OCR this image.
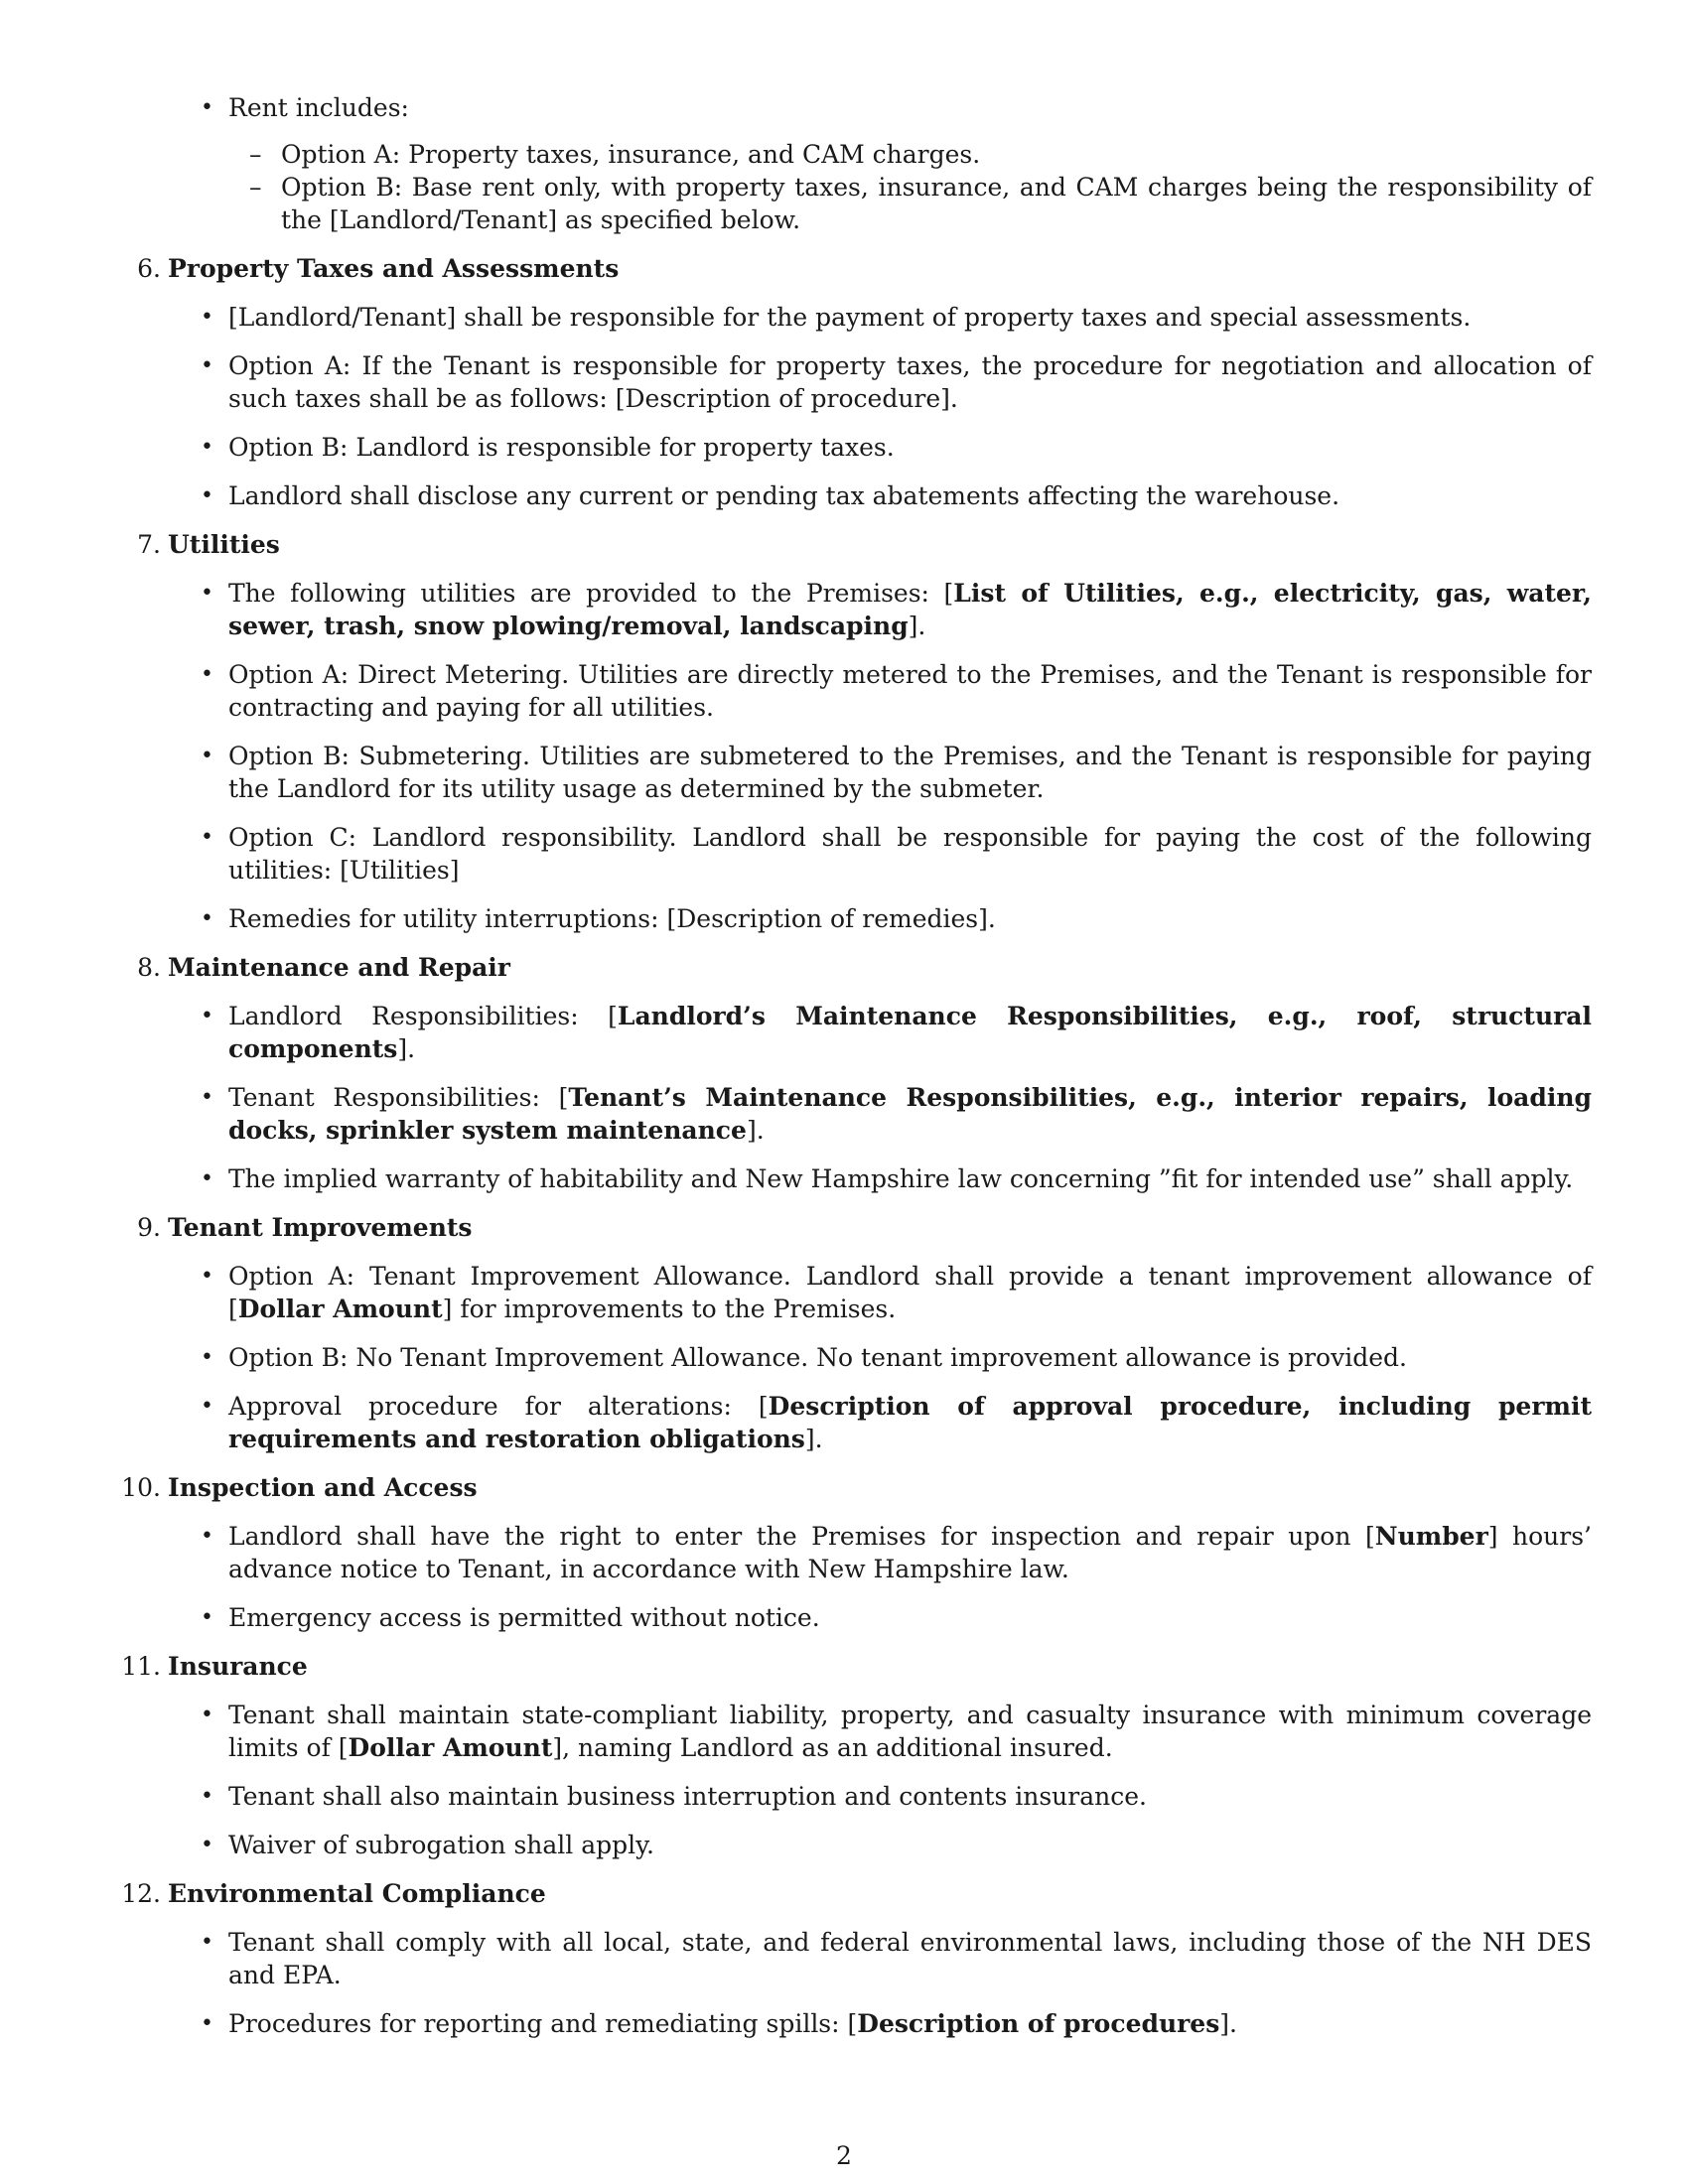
• Rent includes:
– Option A: Property taxes, insurance, and CAM charges.
– Option B: Base rent only, with property taxes, insurance, and CAM charges being the responsibility of the [Landlord/Tenant] as specified below.
6. Property Taxes and Assessments
• [Landlord/Tenant] shall be responsible for the payment of property taxes and special assessments.
• Option A: If the Tenant is responsible for property taxes, the procedure for negotiation and allocation of such taxes shall be as follows: [Description of procedure].
• Option B: Landlord is responsible for property taxes.
• Landlord shall disclose any current or pending tax abatements affecting the warehouse.
7. Utilities
• The following utilities are provided to the Premises: [List of Utilities, e.g., electricity, gas, water, sewer, trash, snow plowing/removal, landscaping].
• Option A: Direct Metering. Utilities are directly metered to the Premises, and the Tenant is responsible for contracting and paying for all utilities.
• Option B: Submetering. Utilities are submetered to the Premises, and the Tenant is responsible for paying the Landlord for its utility usage as determined by the submeter.
• Option C: Landlord responsibility. Landlord shall be responsible for paying the cost of the following utilities: [Utilities]
• Remedies for utility interruptions: [Description of remedies].
8. Maintenance and Repair
• Landlord Responsibilities: [Landlord’s Maintenance Responsibilities, e.g., roof, structural components].
• Tenant Responsibilities: [Tenant’s Maintenance Responsibilities, e.g., interior repairs, loading docks, sprinkler system maintenance].
• The implied warranty of habitability and New Hampshire law concerning ”fit for intended use” shall apply.
9. Tenant Improvements
• Option A: Tenant Improvement Allowance. Landlord shall provide a tenant improvement allowance of [Dollar Amount] for improvements to the Premises.
• Option B: No Tenant Improvement Allowance. No tenant improvement allowance is provided.
• Approval procedure for alterations: [Description of approval procedure, including permit requirements and restoration obligations].
10. Inspection and Access
• Landlord shall have the right to enter the Premises for inspection and repair upon [Number] hours’ advance notice to Tenant, in accordance with New Hampshire law.
• Emergency access is permitted without notice.
11. Insurance
• Tenant shall maintain state-compliant liability, property, and casualty insurance with minimum coverage limits of [Dollar Amount], naming Landlord as an additional insured.
• Tenant shall also maintain business interruption and contents insurance.
• Waiver of subrogation shall apply.
12. Environmental Compliance
• Tenant shall comply with all local, state, and federal environmental laws, including those of the NH DES and EPA.
• Procedures for reporting and remediating spills: [Description of procedures].
2
